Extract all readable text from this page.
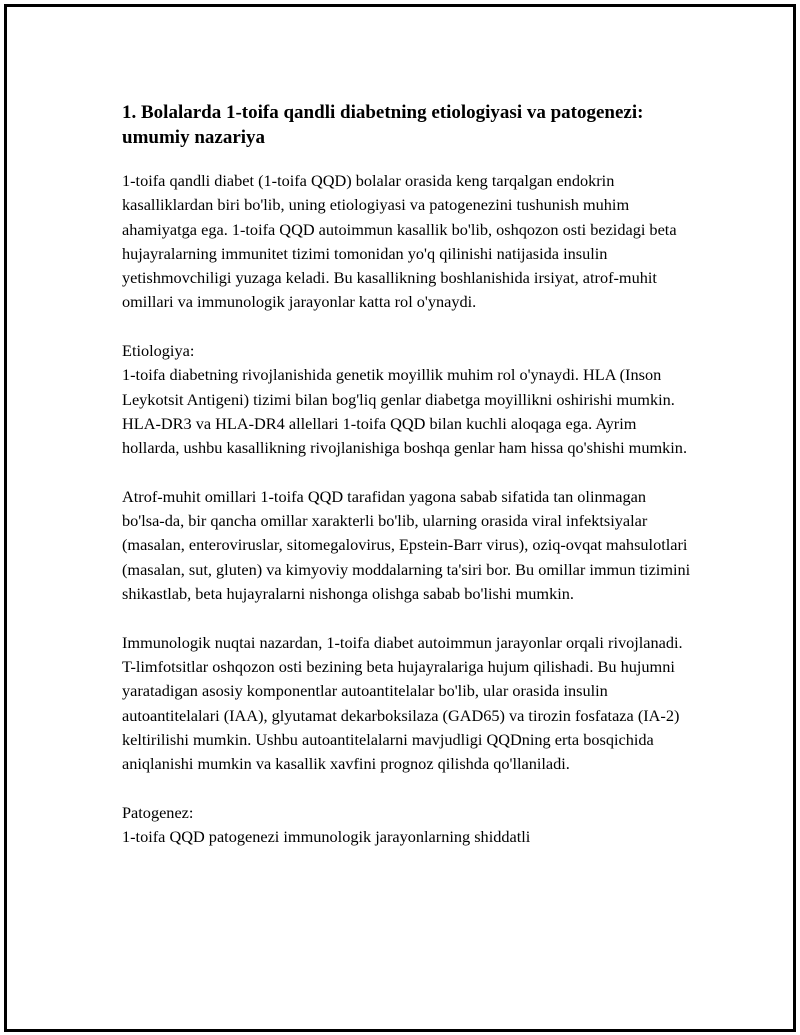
1. Bolalarda 1-toifa qandli diabetning etiologiyasi va patogenezi: umumiy nazariya

1-toifa qandli diabet (1-toifa QQD) bolalar orasida keng tarqalgan endokrin kasalliklardan biri bo'lib, uning etiologiyasi va patogenezini tushunish muhim ahamiyatga ega. 1-toifa QQD autoimmun kasallik bo'lib, oshqozon osti bezidagi beta hujayralarning immunitet tizimi tomonidan yo'q qilinishi natijasida insulin yetishmovchiligi yuzaga keladi. Bu kasallikning boshlanishida irsiyat, atrof-muhit omillari va immunologik jarayonlar katta rol o'ynaydi.

Etiologiya:
1-toifa diabetning rivojlanishida genetik moyillik muhim rol o'ynaydi. HLA (Inson Leykotsit Antigeni) tizimi bilan bog'liq genlar diabetga moyillikni oshirishi mumkin. HLA-DR3 va HLA-DR4 allellari 1-toifa QQD bilan kuchli aloqaga ega. Ayrim hollarda, ushbu kasallikning rivojlanishiga boshqa genlar ham hissa qo'shishi mumkin.

Atrof-muhit omillari 1-toifa QQD tarafidan yagona sabab sifatida tan olinmagan bo'lsa-da, bir qancha omillar xarakterli bo'lib, ularning orasida viral infektsiyalar (masalan, enteroviruslar, sitomegalovirus, Epstein-Barr virus), oziq-ovqat mahsulotlari (masalan, sut, gluten) va kimyoviy moddalarning ta'siri bor. Bu omillar immun tizimini shikastlab, beta hujayralarni nishonga olishga sabab bo'lishi mumkin.

Immunologik nuqtai nazardan, 1-toifa diabet autoimmun jarayonlar orqali rivojlanadi. T-limfotsitlar oshqozon osti bezining beta hujayralariga hujum qilishadi. Bu hujumni yaratadigan asosiy komponentlar autoantitelalar bo'lib, ular orasida insulin autoantitelalari (IAA), glyutamat dekarboksilaza (GAD65) va tirozin fosfataza (IA-2) keltirilishi mumkin. Ushbu autoantitelalarni mavjudligi QQDning erta bosqichida aniqlanishi mumkin va kasallik xavfini prognoz qilishda qo'llaniladi.

Patogenez:
1-toifa QQD patogenezi immunologik jarayonlarning shiddatli
